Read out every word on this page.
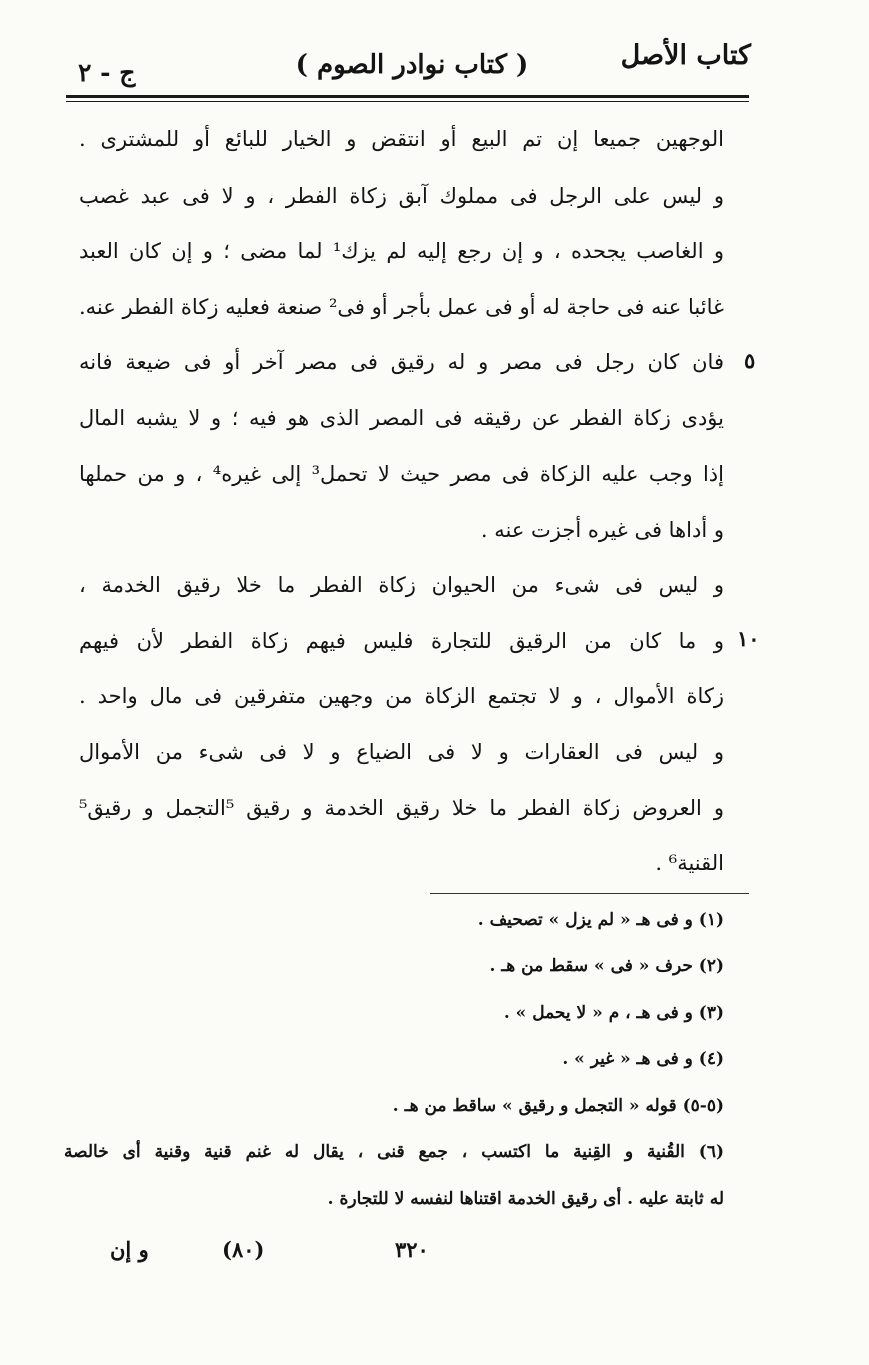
كتاب الأصل
( كتاب نوادر الصوم )
ج - ٢
الوجهين جميعا إن تم البيع أو انتقض و الخيار للبائع أو للمشترى .
و ليس على الرجل فى مملوك آبق زكاة الفطر ، و لا فى عبد غصب
و الغاصب يجحده ، و إن رجع إليه لم يزك¹ لما مضى ؛ و إن كان العبد
غائبا عنه فى حاجة له أو فى عمل بأجر أو فى² صنعة فعليه زكاة الفطر عنه.
فان كان رجل فى مصر و له رقيق فى مصر آخر أو فى ضيعة فانه
يؤدى زكاة الفطر عن رقيقه فى المصر الذى هو فيه ؛ و لا يشبه المال
إذا وجب عليه الزكاة فى مصر حيث لا تحمل³ إلى غيره⁴ ، و من حملها
و أداها فى غيره أجزت عنه .
و ليس فى شىء من الحيوان زكاة الفطر ما خلا رقيق الخدمة ،
و ما كان من الرقيق للتجارة فليس فيهم زكاة الفطر لأن فيهم
زكاة الأموال ، و لا تجتمع الزكاة من وجهين متفرقين فى مال واحد .
و ليس فى العقارات و لا فى الضياع و لا فى شىء من الأموال
و العروض زكاة الفطر ما خلا رقيق الخدمة و رقيق ⁵التجمل و رقيق⁵
القنية⁶ .
٥
١٠
(١) و فى هـ « لم يزل » تصحيف .
(٢) حرف « فى » سقط من هـ .
(٣) و فى هـ ، م « لا يحمل » .
(٤) و فى هـ « غير » .
(٥-٥) قوله « التجمل و رقيق » ساقط من هـ .
(٦) القُنية و القِنية ما اكتسب ، جمع قنى ، يقال له غنم قنية وقنية أى خالصة
له ثابتة عليه . أى رقيق الخدمة اقتناها لنفسه لا للتجارة .
و إن	(٨٠)	٣٢٠
